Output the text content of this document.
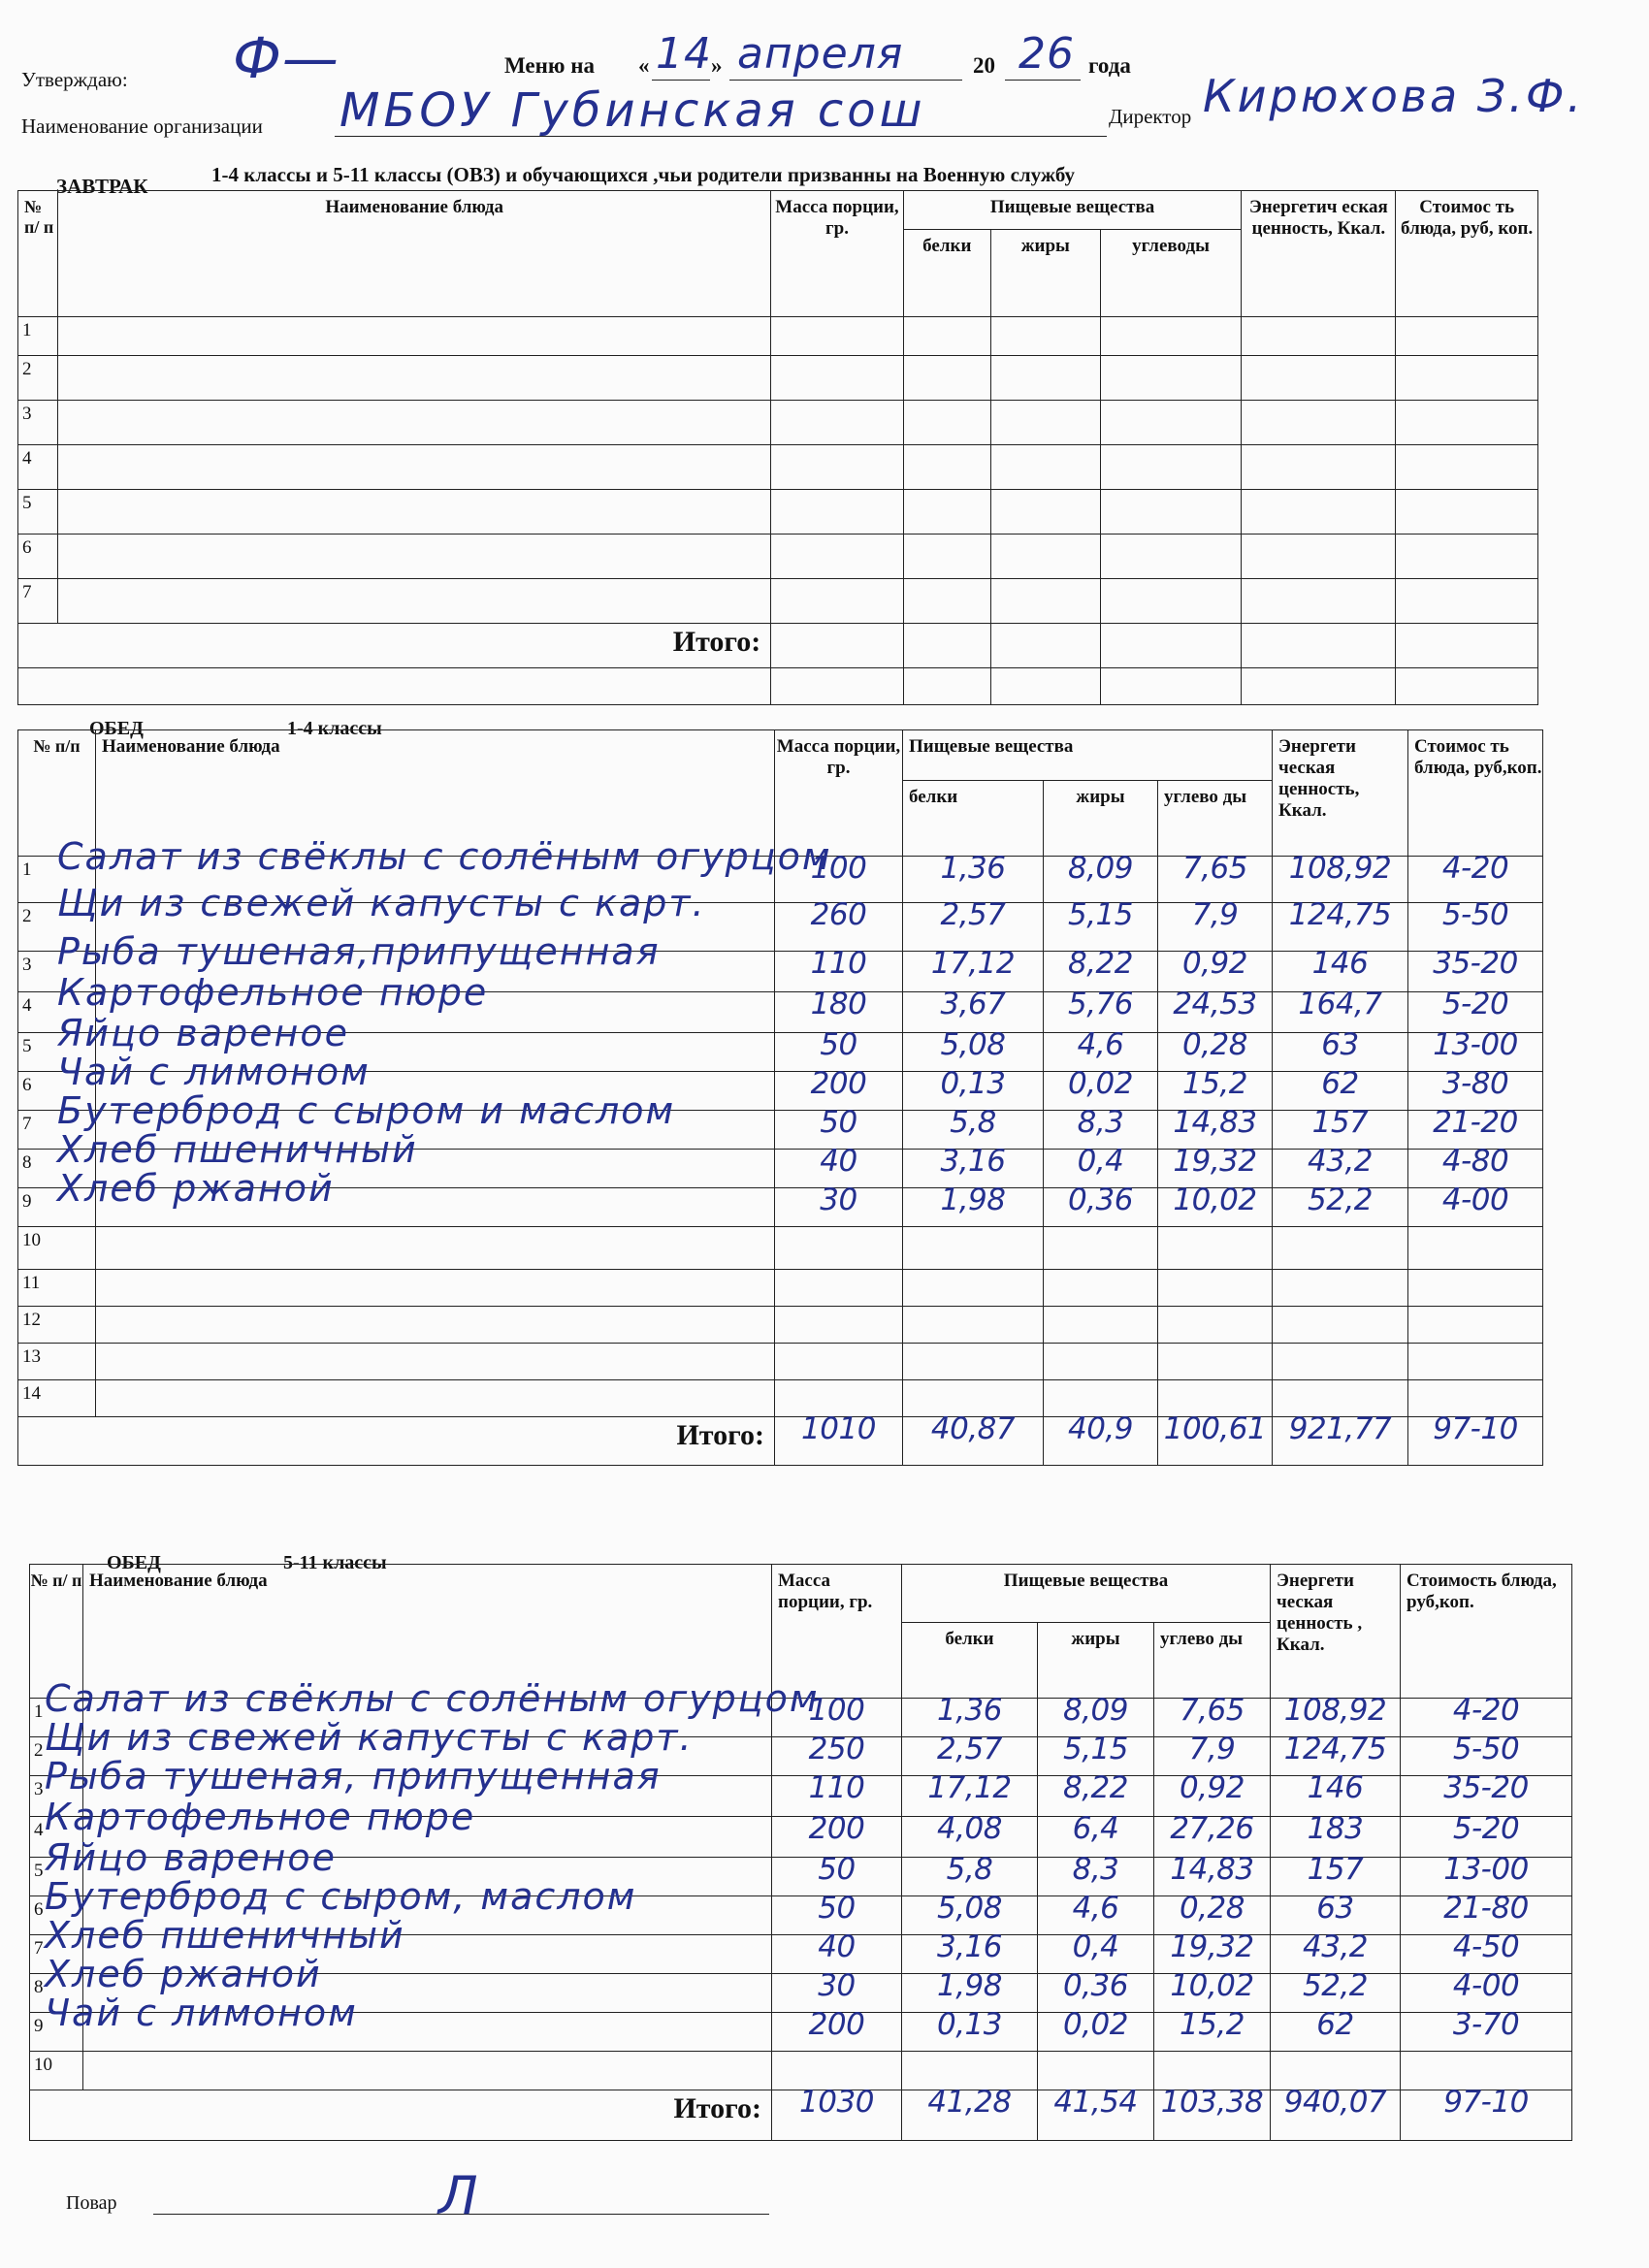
Утверждаю: Ф—	Меню на « 14 » апреля	20 26 года
Наименование организации МБОУ Губинская сош	Директор Кирюхова З.Ф.
ЗАВТРАК	1-4 классы и 5-11 классы (ОВЗ) и обучающихся ,чьи родители призванны на Военную службу
№ п/ п	Наименование блюда	Масса порции, гр.	Пищевые вещества			Энергетич еская ценность, Ккал.	Стоимос ть блюда, руб, коп.
			белки	жиры	углеводы		
1							
2							
3							
4							
5							
6							
7							
Итого:							

ОБЕД	1-4 классы
№ п/п	Наименование блюда	Масса порции, гр.	Пищевые вещества			Энергети ческая ценность, Ккал.	Стоимос ть блюда, руб,коп.
			белки	жиры	углево ды		
1	Салат из свёклы с солёным огурцом	100	1,36	8,09	7,65	108,92	4-20

2	Щи из свежей капусты с карт.	260	2,57	5,15	7,9	124,75	5-50

3	Рыба тушеная,припущенная	110	17,12	8,22	0,92	146	35-20

4	Картофельное пюре	180	3,67	5,76	24,53	164,7	5-20

5	Яйцо вареное	50	5,08	4,6	0,28	63	13-00

6	Чай с лимоном	200	0,13	0,02	15,2	62	3-80

7	Бутерброд с сыром и маслом	50	5,8	8,3	14,83	157	21-20

8	Хлеб пшеничный	40	3,16	0,4	19,32	43,2	4-80

9	Хлеб ржаной	30	1,98	0,36	10,02	52,2	4-00

10	

11	

12	

13	

14	

Итого:		1010	40,87	40,9	100,61	921,77	97-10
ОБЕД	5-11 классы
№ п/ п	Наименование блюда	Масса порции, гр.	Пищевые вещества			Энергети ческая ценность , Ккал.	Стоимость блюда, руб,коп.
			белки	жиры	углево ды		
1	Салат из свёклы с солёным огурцом	100	1,36	8,09	7,65	108,92	4-20

2	Щи из свежей капусты с карт.	250	2,57	5,15	7,9	124,75	5-50

3	Рыба тушеная, припущенная	110	17,12	8,22	0,92	146	35-20

4	Картофельное пюре	200	4,08	6,4	27,26	183	5-20

5	Яйцо вареное	50	5,8	8,3	14,83	157	13-00

6	Бутерброд с сыром, маслом	50	5,08	4,6	0,28	63	21-80

7	Хлеб пшеничный	40	3,16	0,4	19,32	43,2	4-50

8	Хлеб ржаной	30	1,98	0,36	10,02	52,2	4-00

9	Чай с лимоном	200	0,13	0,02	15,2	62	3-70

10	

Итого:		1030	41,28	41,54	103,38	940,07	97-10
Повар	Л
